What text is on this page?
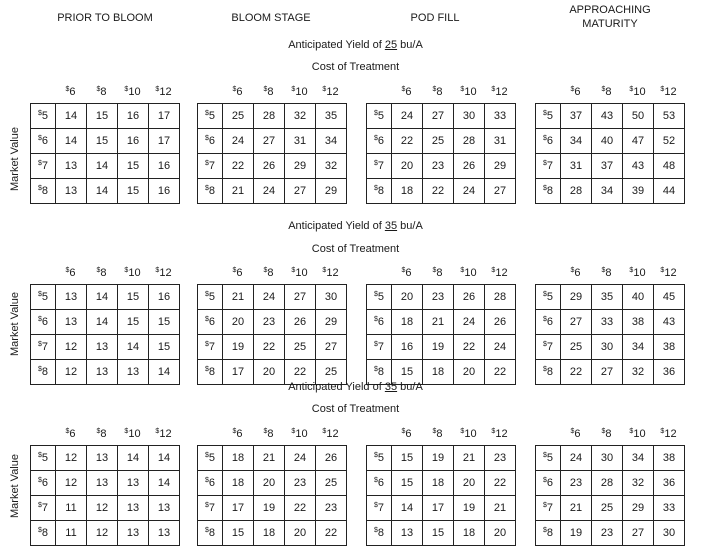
PRIOR TO BLOOM	BLOOM STAGE	POD FILL
APPROACHING MATURITY
Anticipated Yield of 25 bu/A
Cost of Treatment
Market Value
$6	$8	$10	$12
$5	14	15	16	17
$6	14	15	16	17
$7	13	14	15	16
$8	13	14	15	16
$6	$8	$10	$12
$5	25	28	32	35
$6	24	27	31	34
$7	22	26	29	32
$8	21	24	27	29
$6	$8	$10	$12
$5	24	27	30	33
$6	22	25	28	31
$7	20	23	26	29
$8	18	22	24	27
$6	$8	$10	$12
$5	37	43	50	53
$6	34	40	47	52
$7	31	37	43	48
$8	28	34	39	44
Anticipated Yield of 35 bu/A
Cost of Treatment
Market Value
$6	$8	$10	$12
$5	13	14	15	16
$6	13	14	15	15
$7	12	13	14	15
$8	12	13	13	14
$6	$8	$10	$12
$5	21	24	27	30
$6	20	23	26	29
$7	19	22	25	27
$8	17	20	22	25
$6	$8	$10	$12
$5	20	23	26	28
$6	18	21	24	26
$7	16	19	22	24
$8	15	18	20	22
$6	$8	$10	$12
$5	29	35	40	45
$6	27	33	38	43
$7	25	30	34	38
$8	22	27	32	36
Anticipated Yield of 35 bu/A
Cost of Treatment
Market Value
$6	$8	$10	$12
$5	12	13	14	14
$6	12	13	13	14
$7	11	12	13	13
$8	11	12	13	13
$6	$8	$10	$12
$5	18	21	24	26
$6	18	20	23	25
$7	17	19	22	23
$8	15	18	20	22
$6	$8	$10	$12
$5	15	19	21	23
$6	15	18	20	22
$7	14	17	19	21
$8	13	15	18	20
$6	$8	$10	$12
$5	24	30	34	38
$6	23	28	32	36
$7	21	25	29	33
$8	19	23	27	30
